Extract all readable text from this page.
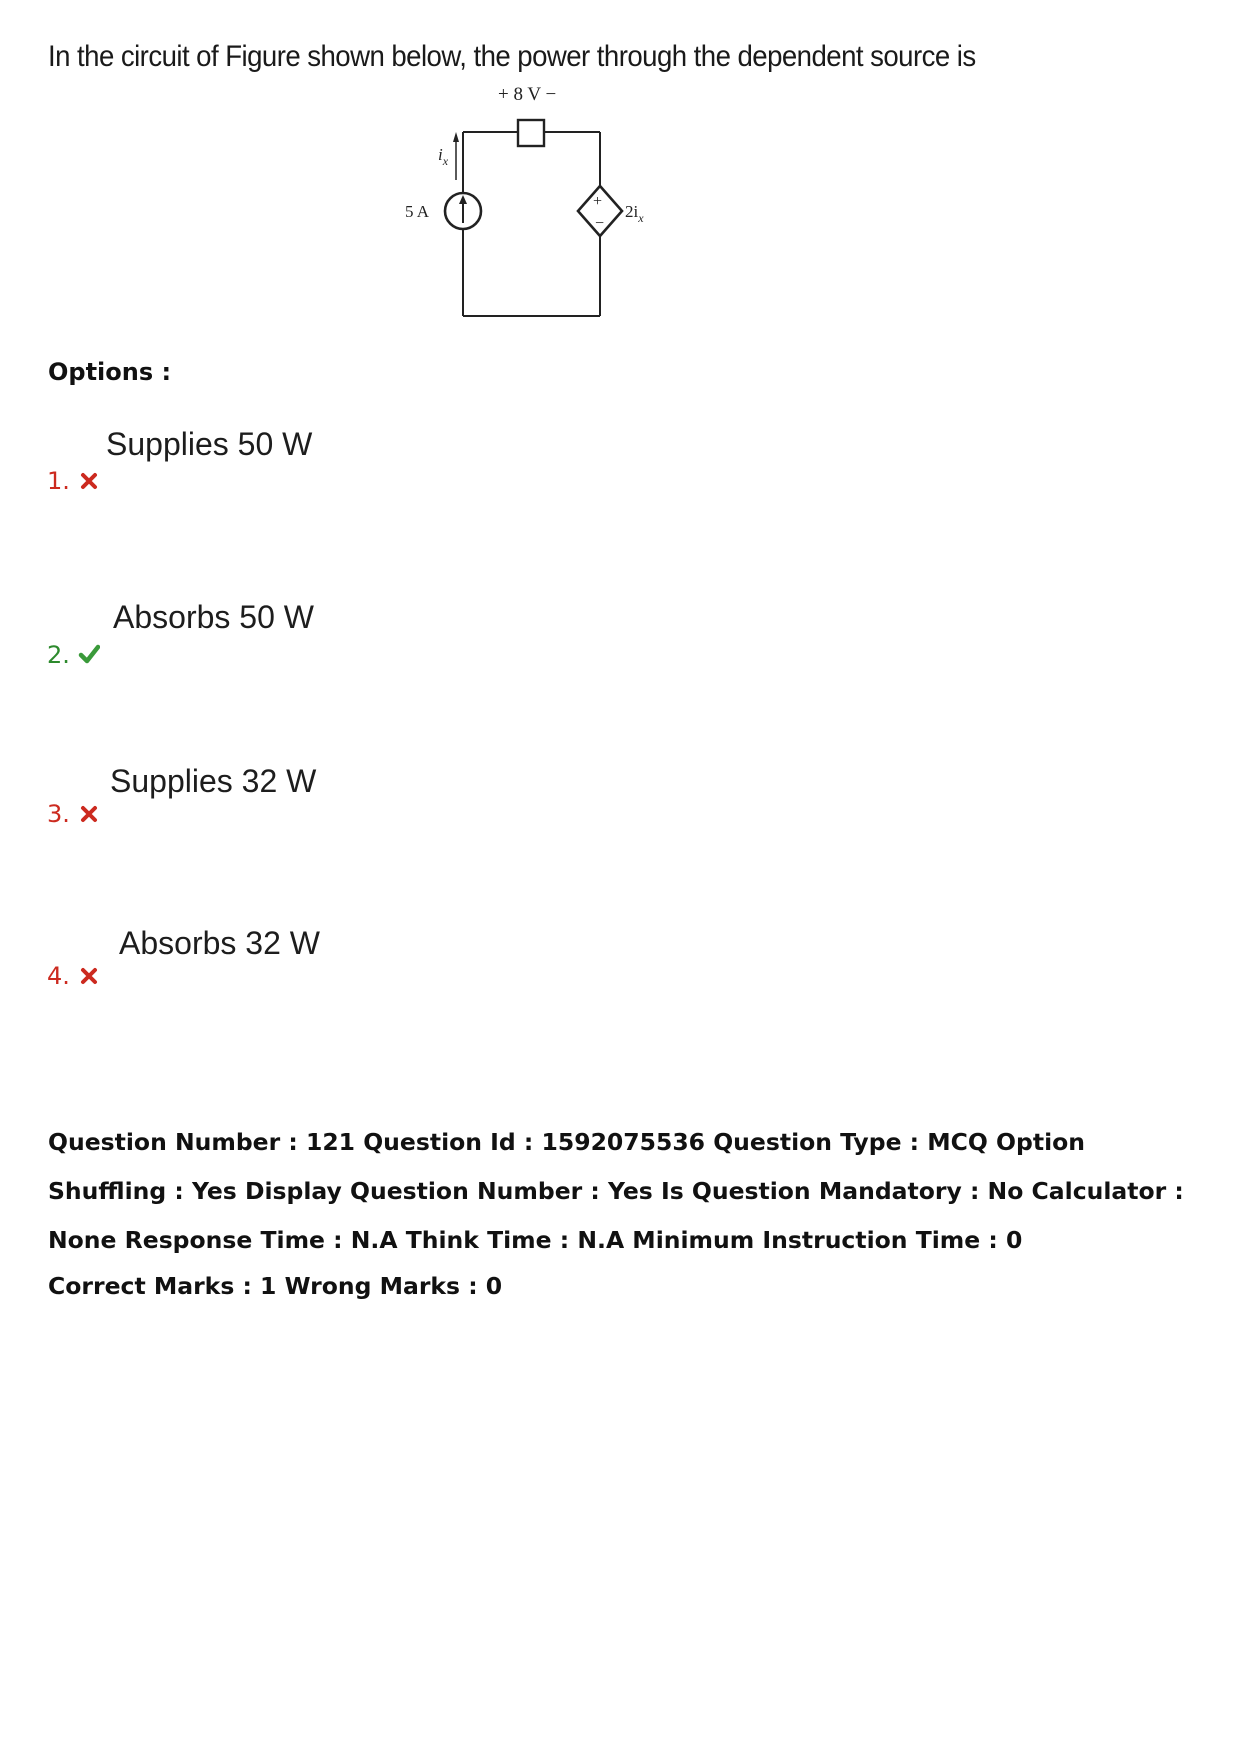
In the circuit of Figure shown below, the power through the dependent source is
+ 8 V −
$i_x$
5 A
+
−
$2i_x$
Options :
Supplies 50 W
1.
Absorbs 50 W
2.
Supplies 32 W
3.
Absorbs 32 W
4.
Question Number : 121 Question Id : 1592075536 Question Type : MCQ Option Shuffling : Yes Display Question Number : Yes Is Question Mandatory : No Calculator : None Response Time : N.A Think Time : N.A Minimum Instruction Time : 0
Correct Marks : 1 Wrong Marks : 0
